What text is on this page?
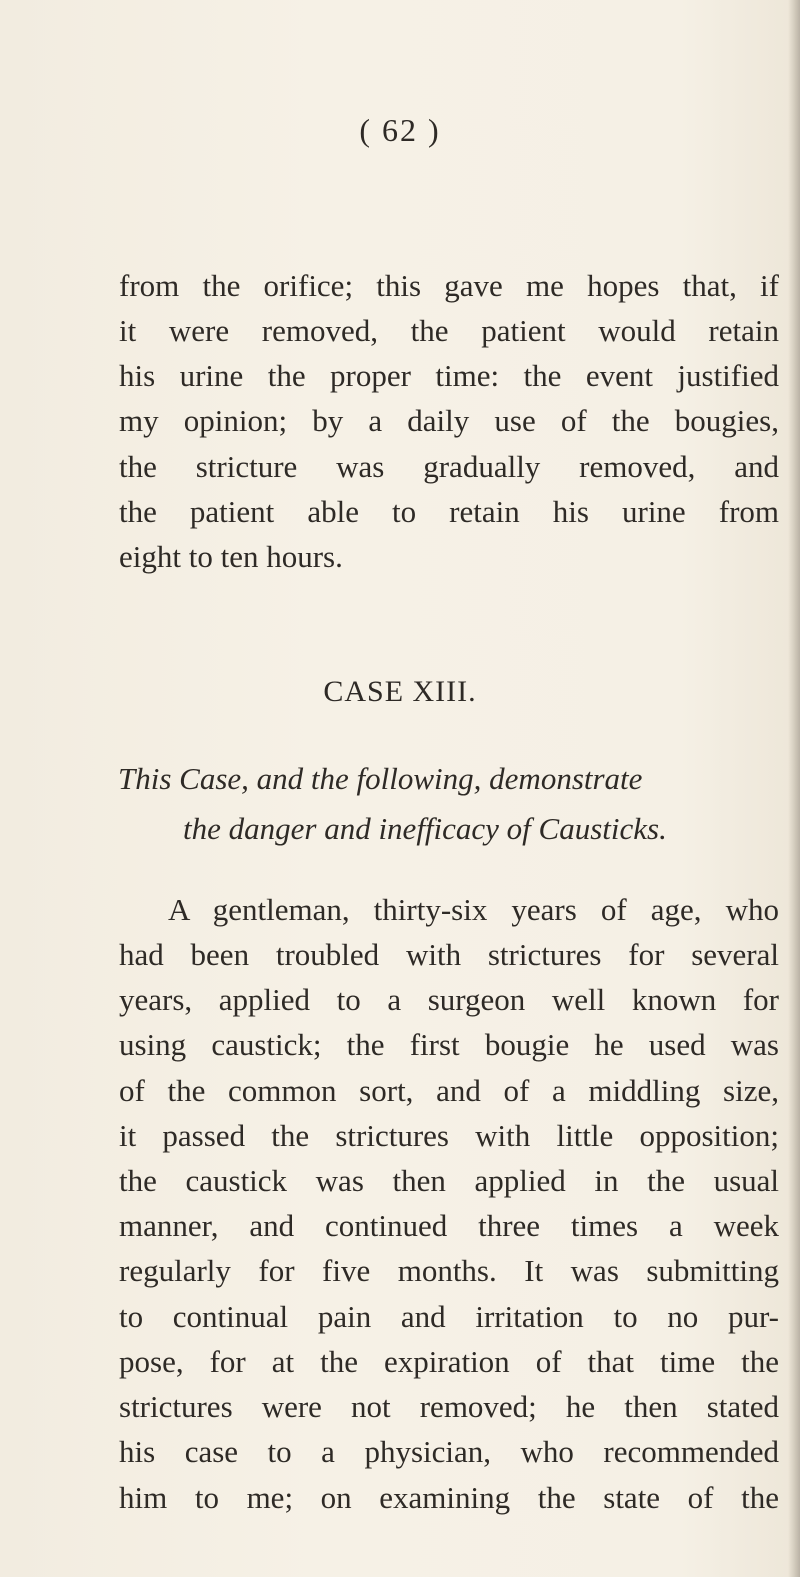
( 62 )
from the orifice; this gave me hopes that, if
it were removed, the patient would retain
his urine the proper time: the event justified
my opinion; by a daily use of the bougies,
the stricture was gradually removed, and
the patient able to retain his urine from
eight to ten hours.
CASE XIII.
This Case, and the following, demonstrate
the danger and inefficacy of Causticks.
A gentleman, thirty-six years of age, who
had been troubled with strictures for several
years, applied to a surgeon well known for
using caustick; the first bougie he used was
of the common sort, and of a middling size,
it passed the strictures with little opposition;
the caustick was then applied in the usual
manner, and continued three times a week
regularly for five months. It was submitting
to continual pain and irritation to no pur-
pose, for at the expiration of that time the
strictures were not removed; he then stated
his case to a physician, who recommended
him to me; on examining the state of the
